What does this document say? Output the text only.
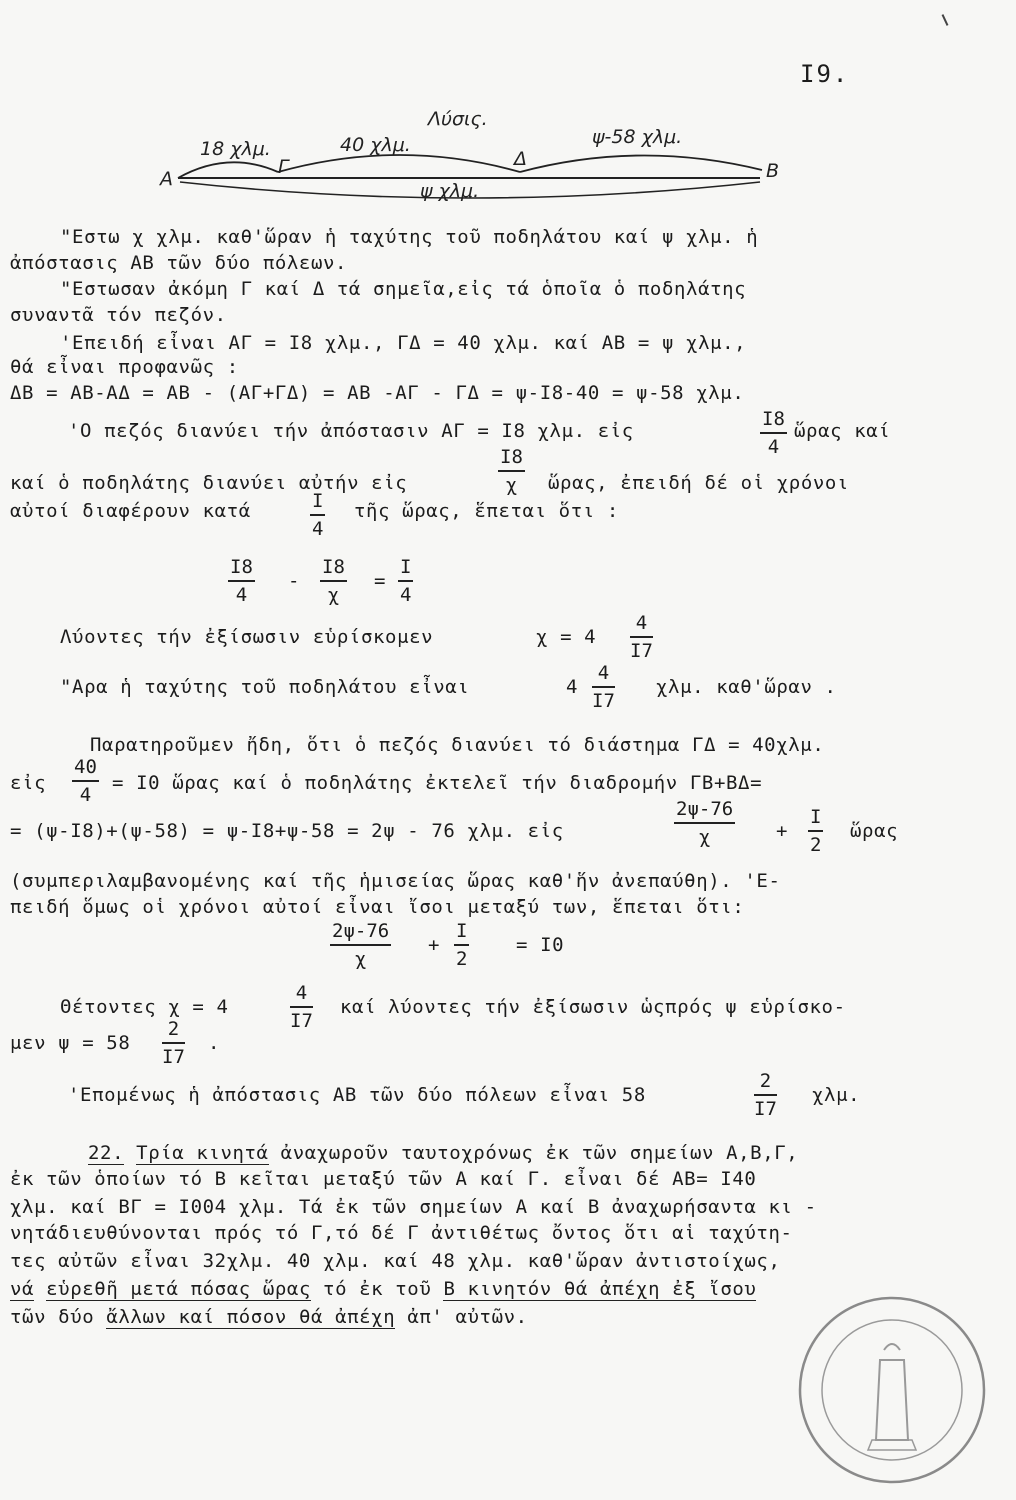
I9.
Λύσις.
18 χλμ.	40 χλμ.	ψ-58 χλμ.
ψ χλμ.
Α
Γ	Δ
Β
"Εστω χ χλμ. καθ'ὥραν ἡ ταχύτης τοῦ ποδηλάτου καί ψ χλμ. ἡ
ἀπόστασις ΑΒ τῶν δύο πόλεων.
"Εστωσαν ἀκόμη Γ καί Δ τά σημεῖα,εἰς τά ὁποῖα ὁ ποδηλάτης
συναντᾶ τόν πεζόν.
'Επειδή εἶναι ΑΓ = Ι8 χλμ., ΓΔ = 40 χλμ. καί ΑΒ = ψ χλμ.,
θά εἶναι προφανῶς :
ΔΒ = ΑΒ-ΑΔ = ΑΒ - (ΑΓ+ΓΔ) = ΑΒ -ΑΓ - ΓΔ = ψ-Ι8-40 = ψ-58 χλμ.
'Ο πεζός διανύει τήν ἀπόστασιν ΑΓ = Ι8 χλμ. εἰς
Ι8
4
ὥρας καί
καί ὁ ποδηλάτης διανύει αὐτήν εἰς
Ι8
χ	ὥρας, ἐπειδή δέ οἱ χρόνοι
αὐτοί διαφέρουν κατά	Ι
4
τῆς ὥρας, ἕπεται ὅτι :
Ι8
4
-
Ι8
χ
=
Ι
4
Λύοντες τήν ἐξίσωσιν εὑρίσκομεν	χ = 4
4
Ι7
"Αρα ἡ ταχύτης τοῦ ποδηλάτου εἶναι	4
4
Ι7
χλμ. καθ'ὥραν .
Παρατηροῦμεν ἤδη, ὅτι ὁ πεζός διανύει τό διάστημα ΓΔ = 40χλμ.
εἰς
40
4
= Ι0 ὥρας καί ὁ ποδηλάτης ἐκτελεῖ τήν διαδρομήν ΓΒ+ΒΔ=
= (ψ-Ι8)+(ψ-58) = ψ-Ι8+ψ-58 = 2ψ - 76 χλμ. εἰς
2ψ-76
χ	+
Ι
2
ὥρας
(συμπεριλαμβανομένης καί τῆς ἡμισείας ὥρας καθ'ἥν ἀνεπαύθη). 'Ε-
πειδή ὅμως οἱ χρόνοι αὐτοί εἶναι ἴσοι μεταξύ των, ἕπεται ὅτι:
2ψ-76
χ
+
Ι
2
= Ι0
Θέτοντες χ = 4
4
Ι7
καί λύοντες τήν ἐξίσωσιν ὡςπρός ψ εὑρίσκο-
μεν ψ = 58
2
Ι7
.
'Επομένως ἡ ἀπόστασις ΑΒ τῶν δύο πόλεων εἶναι 58
2
Ι7
χλμ.
22. Τρία κινητά ἀναχωροῦν ταυτοχρόνως ἐκ τῶν σημείων Α,Β,Γ,
ἐκ τῶν ὁποίων τό Β κεῖται μεταξύ τῶν Α καί Γ. εἶναι δέ ΑΒ= Ι40
χλμ. καί ΒΓ = Ι004 χλμ. Τά ἐκ τῶν σημείων Α καί Β ἀναχωρήσαντα κι -
νητάδιευθύνονται πρός τό Γ,τό δέ Γ ἀντιθέτως ὄντος ὅτι αἱ ταχύτη-
τες αὐτῶν εἶναι 32χλμ. 40 χλμ. καί 48 χλμ. καθ'ὥραν ἀντιστοίχως,
νά εὑρεθῆ μετά πόσας ὥρας τό ἐκ τοῦ Β κινητόν θά ἀπέχη ἐξ ἴσου
τῶν δύο ἄλλων καί πόσον θά ἀπέχη ἀπ' αὐτῶν.
